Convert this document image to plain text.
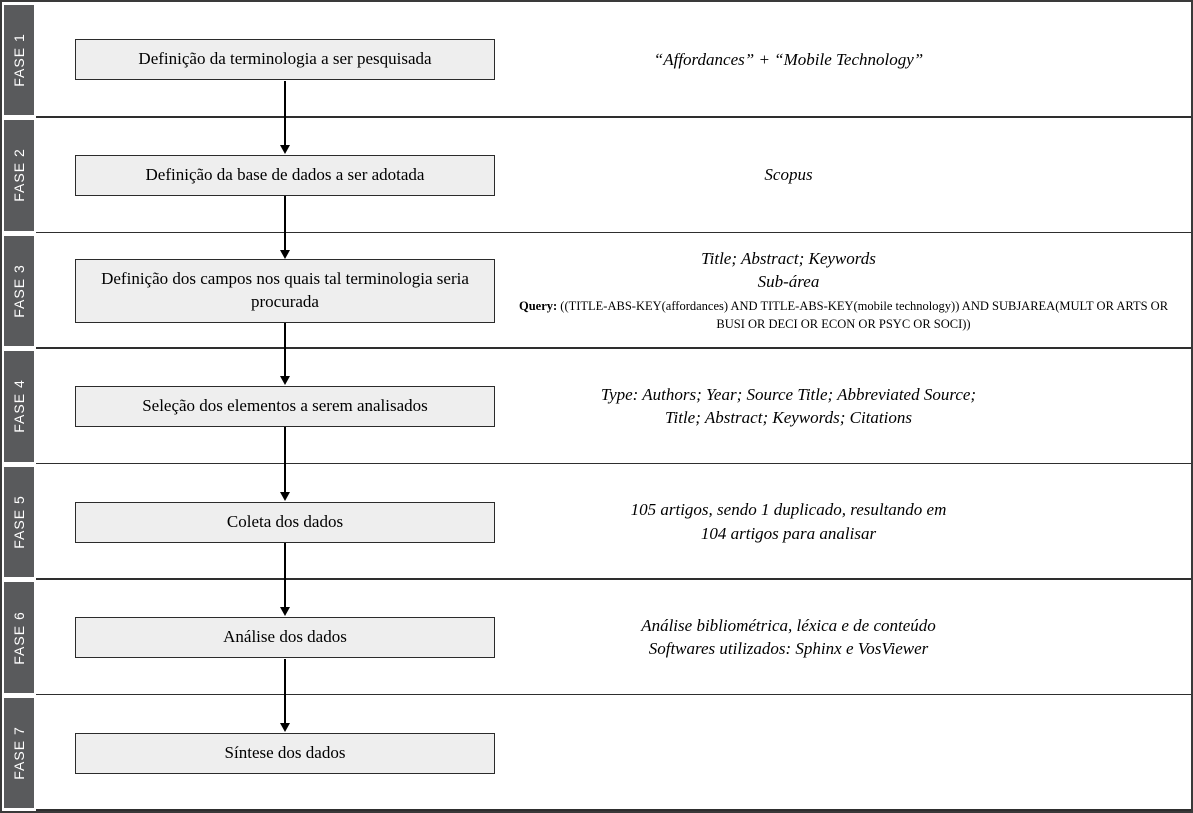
FASE 1	Definição da terminologia a ser pesquisada	“Affordances” + “Mobile Technology”
FASE 2	Definição da base de dados a ser adotada	Scopus
FASE 3	Definição dos campos nos quais tal terminologia seria procurada
Title; Abstract; Keywords
Sub-área
Query: ((TITLE-ABS-KEY(affordances) AND TITLE-ABS-KEY(mobile technology)) AND SUBJAREA(MULT OR ARTS OR BUSI OR DECI OR ECON OR PSYC OR SOCI))
FASE 4	Seleção dos elementos a serem analisados
Type: Authors; Year; Source Title; Abbreviated Source;
Title; Abstract; Keywords; Citations
FASE 5	Coleta dos dados
105 artigos, sendo 1 duplicado, resultando em
104 artigos para analisar
FASE 6	Análise dos dados
Análise bibliométrica, léxica e de conteúdo
Softwares utilizados: Sphinx e VosViewer
FASE 7	Síntese dos dados
